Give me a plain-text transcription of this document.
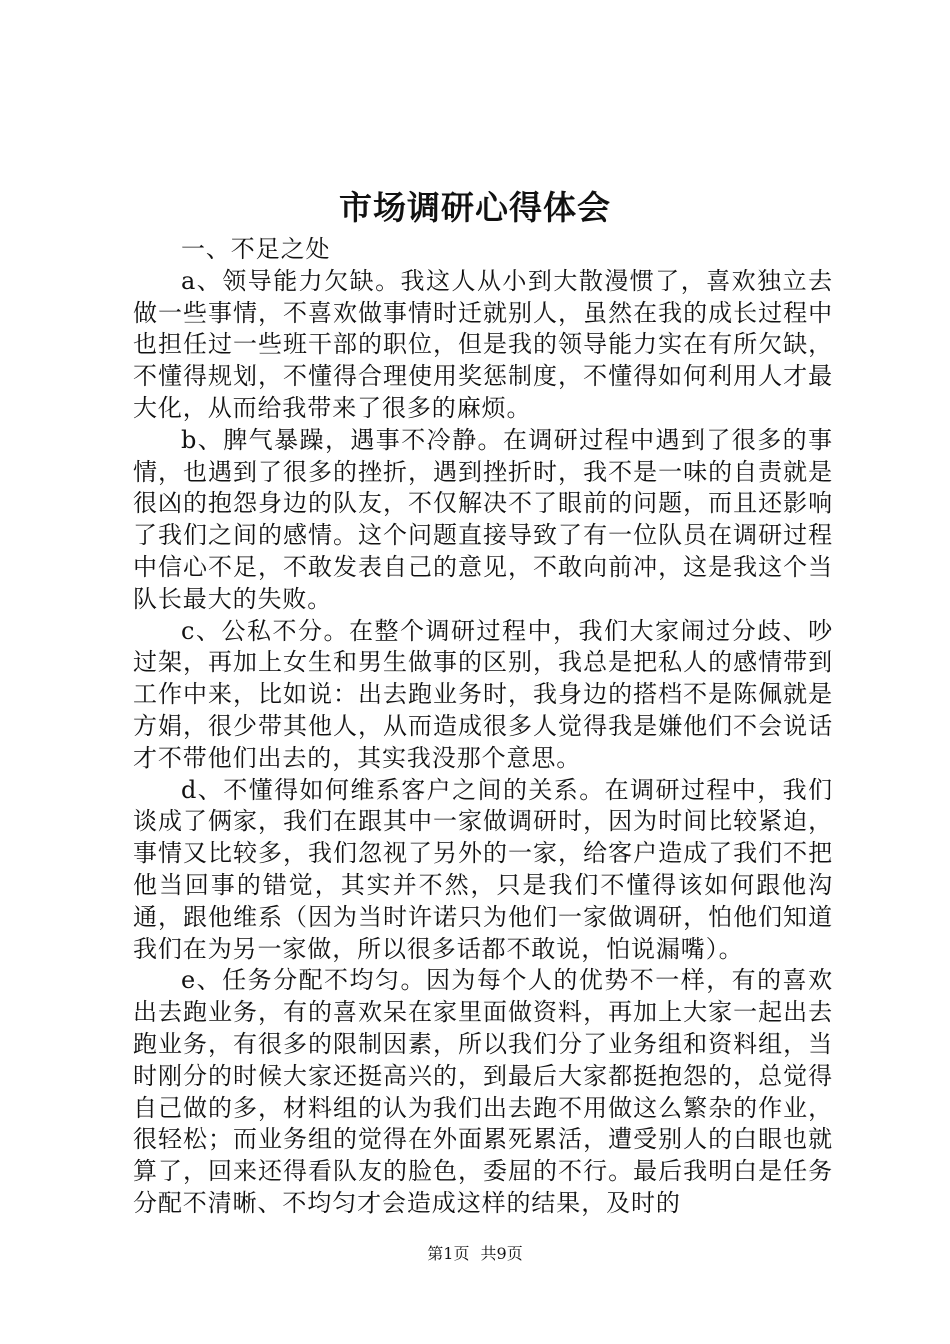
市场调研心得体会

一、不足之处

a、领导能力欠缺。我这人从小到大散漫惯了，喜欢独立去做一些事情，不喜欢做事情时迁就别人，虽然在我的成长过程中也担任过一些班干部的职位，但是我的领导能力实在有所欠缺，不懂得规划，不懂得合理使用奖惩制度，不懂得如何利用人才最大化，从而给我带来了很多的麻烦。

b、脾气暴躁，遇事不冷静。在调研过程中遇到了很多的事情，也遇到了很多的挫折，遇到挫折时，我不是一味的自责就是很凶的抱怨身边的队友，不仅解决不了眼前的问题，而且还影响了我们之间的感情。这个问题直接导致了有一位队员在调研过程中信心不足，不敢发表自己的意见，不敢向前冲，这是我这个当队长最大的失败。

c、公私不分。在整个调研过程中，我们大家闹过分歧、吵过架，再加上女生和男生做事的区别，我总是把私人的感情带到工作中来，比如说：出去跑业务时，我身边的搭档不是陈佩就是方娟，很少带其他人，从而造成很多人觉得我是嫌他们不会说话才不带他们出去的，其实我没那个意思。

d、不懂得如何维系客户之间的关系。在调研过程中，我们谈成了俩家，我们在跟其中一家做调研时，因为时间比较紧迫，事情又比较多，我们忽视了另外的一家，给客户造成了我们不把他当回事的错觉，其实并不然，只是我们不懂得该如何跟他沟通，跟他维系（因为当时许诺只为他们一家做调研，怕他们知道我们在为另一家做，所以很多话都不敢说，怕说漏嘴）。

e、任务分配不均匀。因为每个人的优势不一样，有的喜欢出去跑业务，有的喜欢呆在家里面做资料，再加上大家一起出去跑业务，有很多的限制因素，所以我们分了业务组和资料组，当时刚分的时候大家还挺高兴的，到最后大家都挺抱怨的，总觉得自己做的多，材料组的认为我们出去跑不用做这么繁杂的作业，很轻松；而业务组的觉得在外面累死累活，遭受别人的白眼也就算了，回来还得看队友的脸色，委屈的不行。最后我明白是任务分配不清晰、不均匀才会造成这样的结果，及时的

第1页 共9页
